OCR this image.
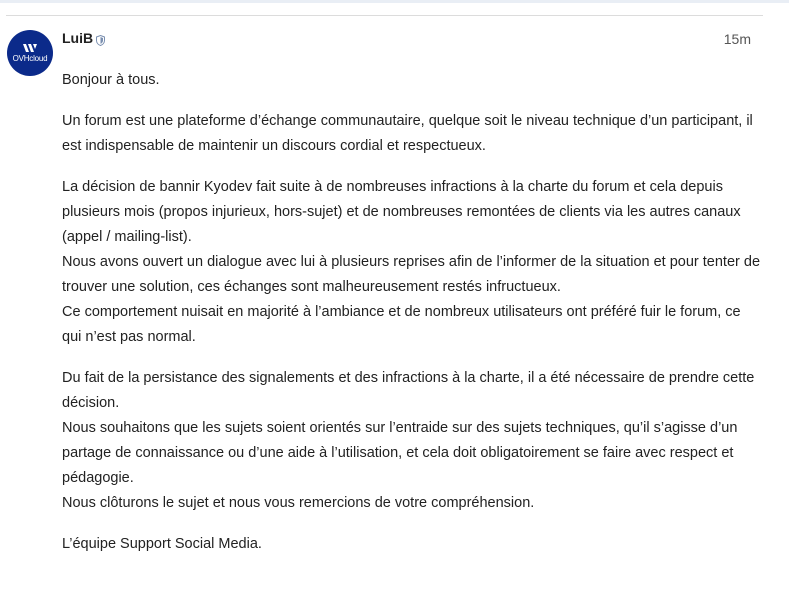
OVHcloud
LuiB	15m

Bonjour à tous.

Un forum est une plateforme d’échange communautaire, quelque soit le niveau technique d’un participant, il est indispensable de maintenir un discours cordial et respectueux.

La décision de bannir Kyodev fait suite à de nombreuses infractions à la charte du forum et cela depuis plusieurs mois (propos injurieux, hors-sujet) et de nombreuses remontées de clients via les autres canaux (appel / mailing-list).
Nous avons ouvert un dialogue avec lui à plusieurs reprises afin de l’informer de la situation et pour tenter de trouver une solution, ces échanges sont malheureusement restés infructueux.
Ce comportement nuisait en majorité à l’ambiance et de nombreux utilisateurs ont préféré fuir le forum, ce qui n’est pas normal.

Du fait de la persistance des signalements et des infractions à la charte, il a été nécessaire de prendre cette décision.
Nous souhaitons que les sujets soient orientés sur l’entraide sur des sujets techniques, qu’il s’agisse d’un partage de connaissance ou d’une aide à l’utilisation, et cela doit obligatoirement se faire avec respect et pédagogie.
Nous clôturons le sujet et nous vous remercions de votre compréhension.

L’équipe Support Social Media.
